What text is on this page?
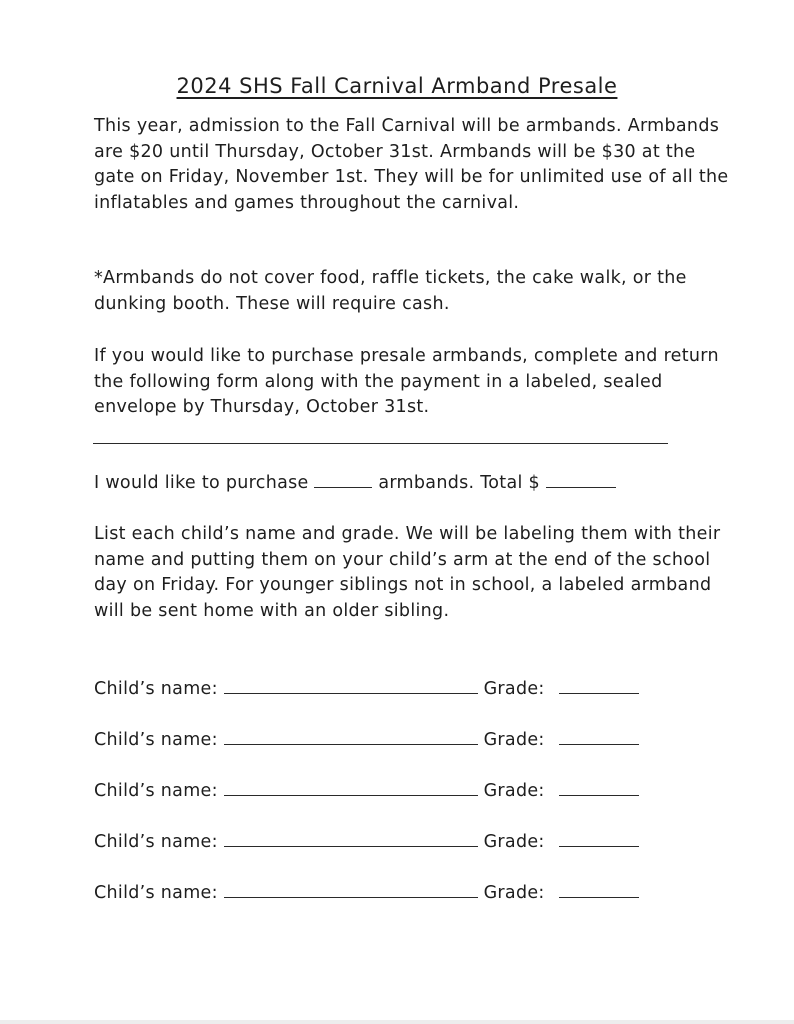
2024 SHS Fall Carnival Armband Presale

This year, admission to the Fall Carnival will be armbands. Armbands are $20 until Thursday, October 31st. Armbands will be $30 at the gate on Friday, November 1st. They will be for unlimited use of all the inflatables and games throughout the carnival.

*Armbands do not cover food, raffle tickets, the cake walk, or the dunking booth. These will require cash.

If you would like to purchase presale armbands, complete and return the following form along with the payment in a labeled, sealed envelope by Thursday, October 31st.

I would like to purchase	armbands. Total $

List each child’s name and grade. We will be labeling them with their name and putting them on your child’s arm at the end of the school day on Friday. For younger siblings not in school, a labeled armband will be sent home with an older sibling.

Child’s name:	Grade:
Child’s name:	Grade:
Child’s name:	Grade:
Child’s name:	Grade:
Child’s name:	Grade:
